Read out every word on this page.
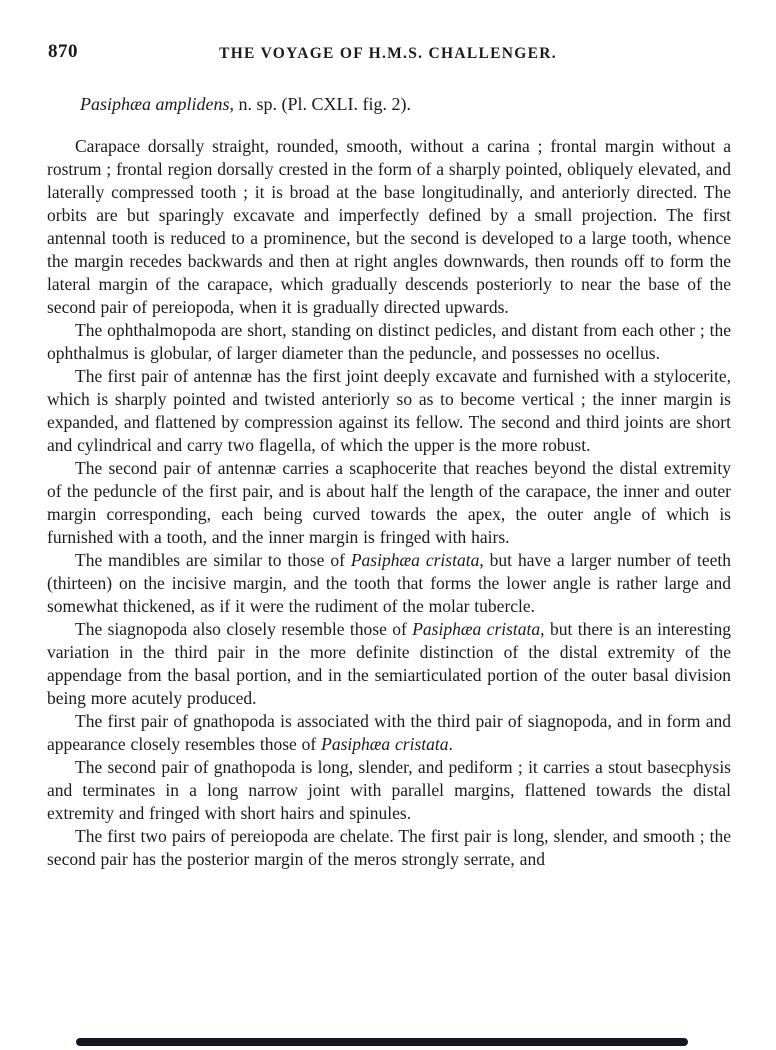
870	THE VOYAGE OF H.M.S. CHALLENGER.
Pasiphæa amplidens, n. sp. (Pl. CXLI. fig. 2).

Carapace dorsally straight, rounded, smooth, without a carina ; frontal margin without a rostrum ; frontal region dorsally crested in the form of a sharply pointed, obliquely elevated, and laterally compressed tooth ; it is broad at the base longitudinally, and anteriorly directed. The orbits are but sparingly excavate and imperfectly defined by a small projection. The first antennal tooth is reduced to a prominence, but the second is developed to a large tooth, whence the margin recedes backwards and then at right angles downwards, then rounds off to form the lateral margin of the carapace, which gradually descends posteriorly to near the base of the second pair of pereiopoda, when it is gradually directed upwards.

The ophthalmopoda are short, standing on distinct pedicles, and distant from each other ; the ophthalmus is globular, of larger diameter than the peduncle, and possesses no ocellus.

The first pair of antennæ has the first joint deeply excavate and furnished with a stylocerite, which is sharply pointed and twisted anteriorly so as to become vertical ; the inner margin is expanded, and flattened by compression against its fellow. The second and third joints are short and cylindrical and carry two flagella, of which the upper is the more robust.

The second pair of antennæ carries a scaphocerite that reaches beyond the distal extremity of the peduncle of the first pair, and is about half the length of the carapace, the inner and outer margin corresponding, each being curved towards the apex, the outer angle of which is furnished with a tooth, and the inner margin is fringed with hairs.

The mandibles are similar to those of Pasiphæa cristata, but have a larger number of teeth (thirteen) on the incisive margin, and the tooth that forms the lower angle is rather large and somewhat thickened, as if it were the rudiment of the molar tubercle.

The siagnopoda also closely resemble those of Pasiphæa cristata, but there is an interesting variation in the third pair in the more definite distinction of the distal extremity of the appendage from the basal portion, and in the semiarticulated portion of the outer basal division being more acutely produced.

The first pair of gnathopoda is associated with the third pair of siagnopoda, and in form and appearance closely resembles those of Pasiphæa cristata.

The second pair of gnathopoda is long, slender, and pediform ; it carries a stout basecphysis and terminates in a long narrow joint with parallel margins, flattened towards the distal extremity and fringed with short hairs and spinules.

The first two pairs of pereiopoda are chelate. The first pair is long, slender, and smooth ; the second pair has the posterior margin of the meros strongly serrate, and
